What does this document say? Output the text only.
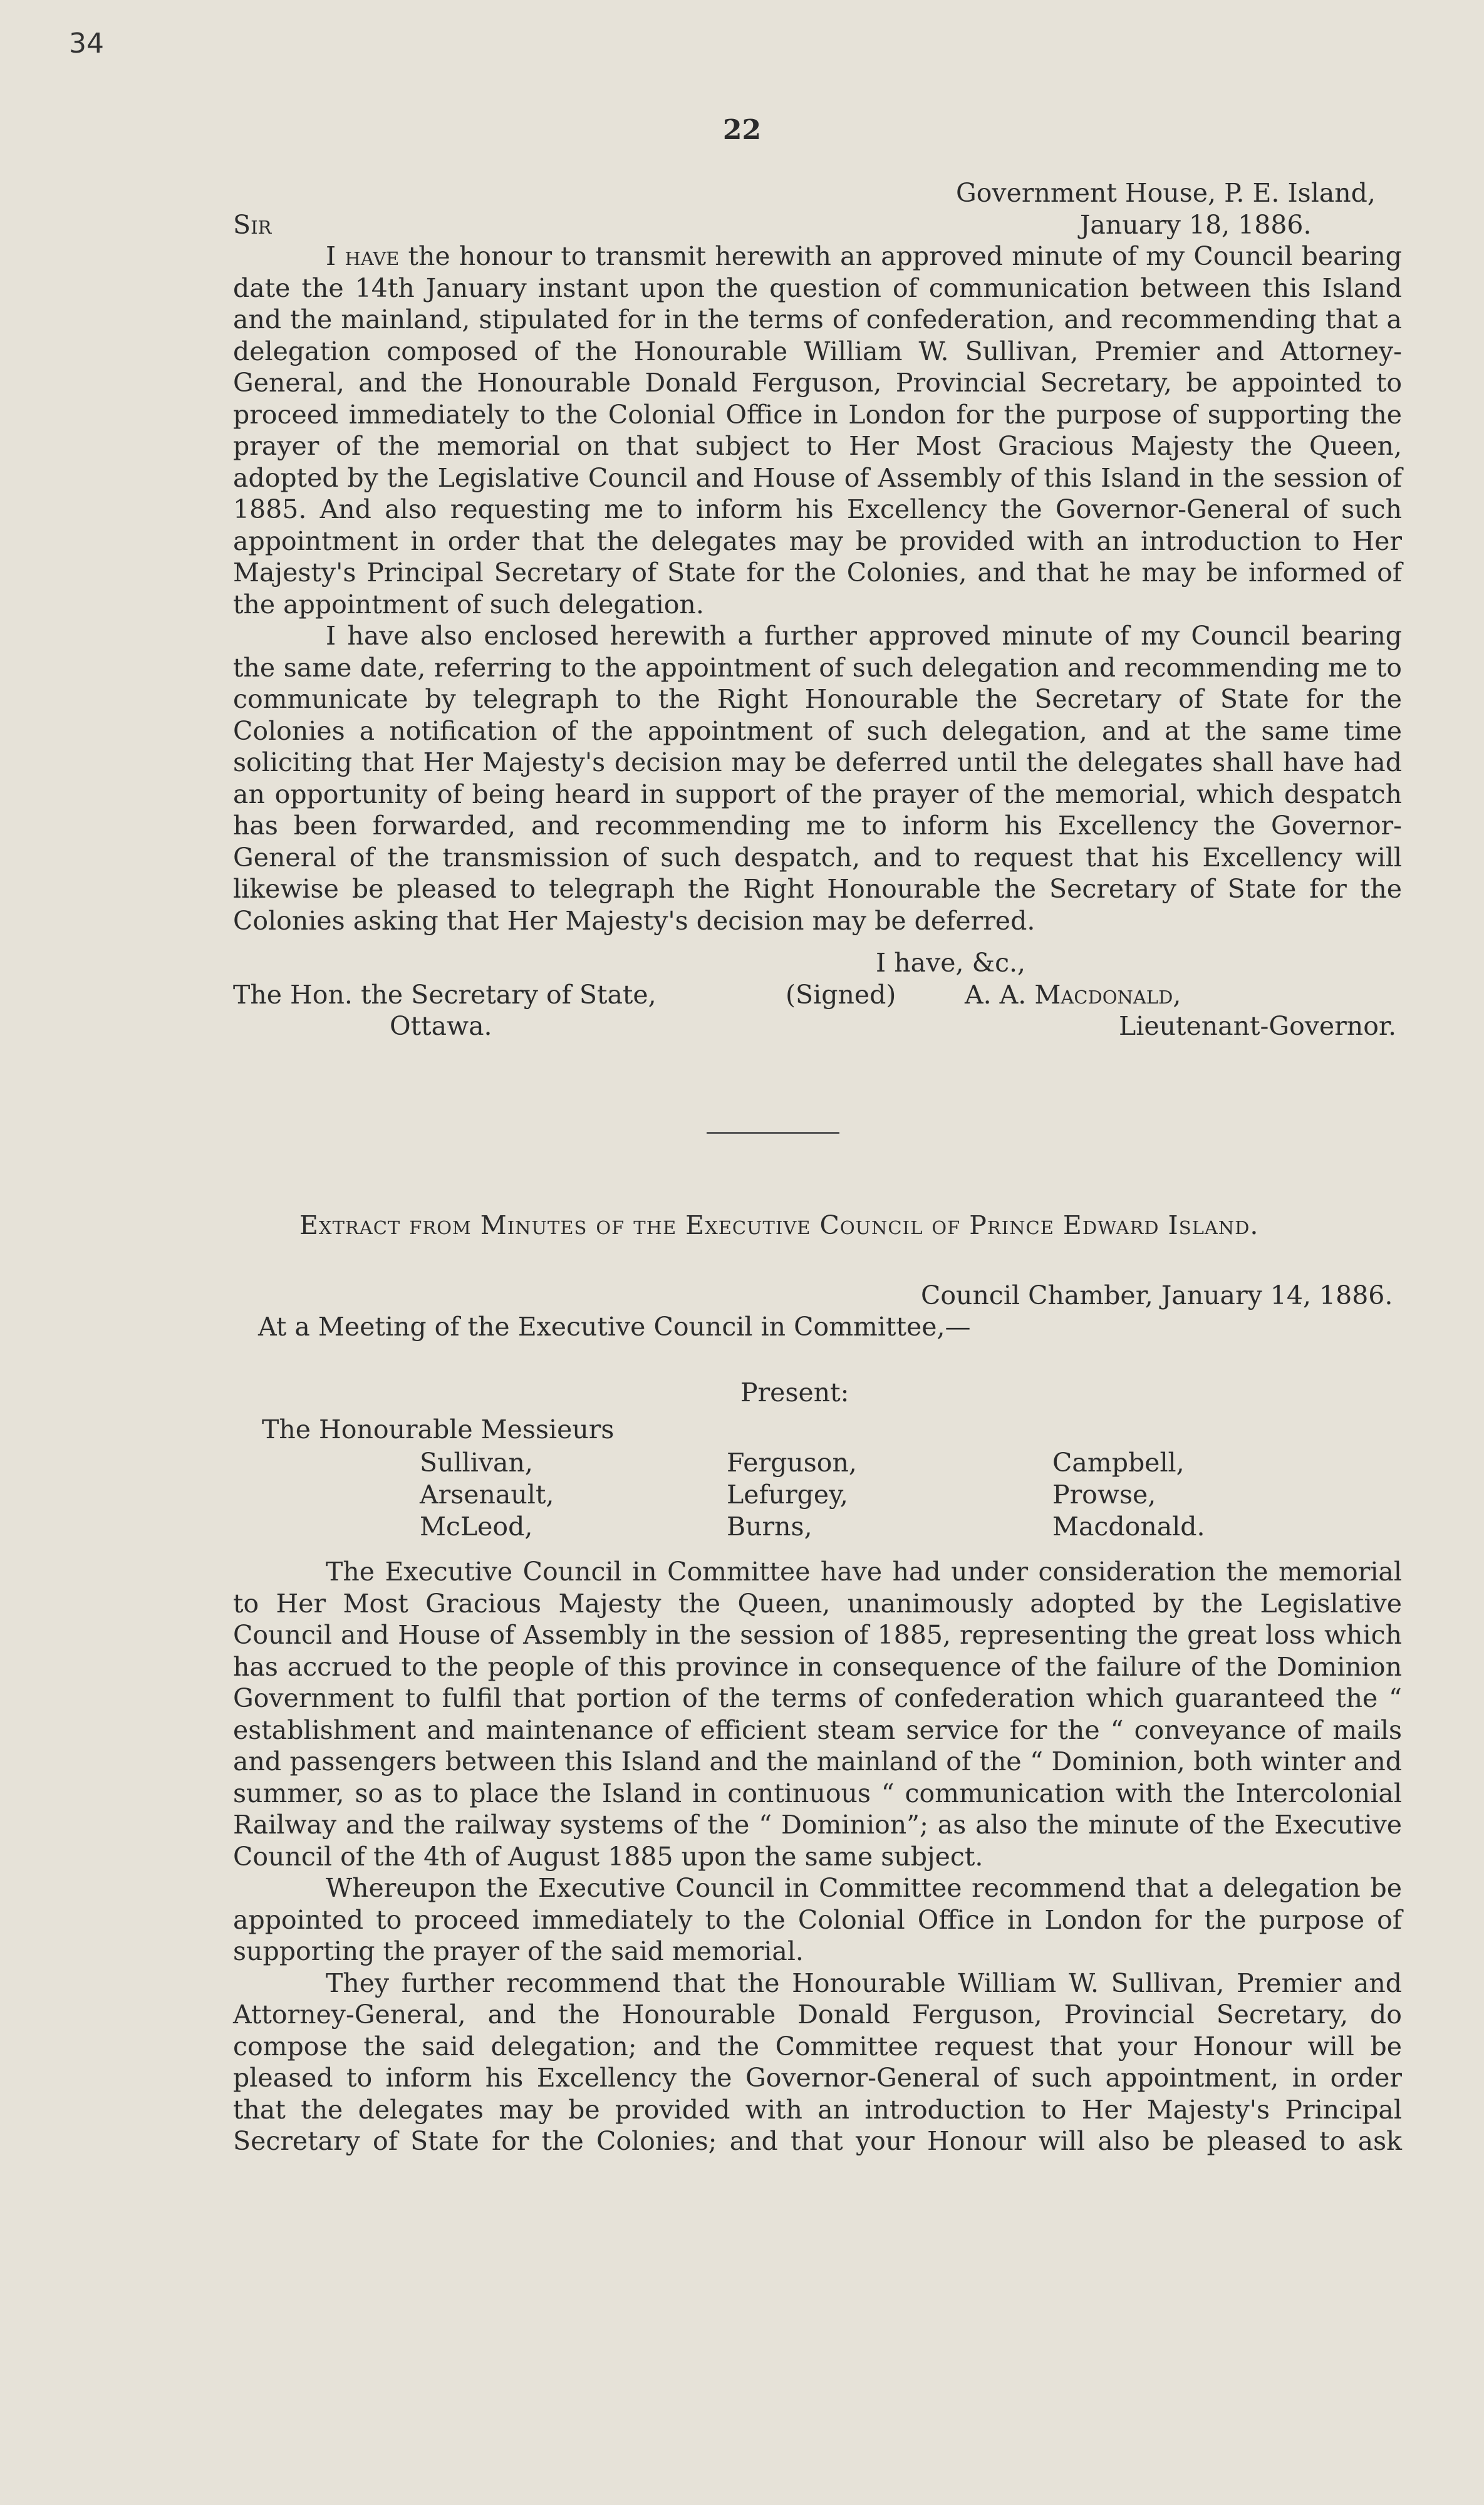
34
22
Government House, P. E. Island,
Sir	January 18, 1886.

I have the honour to transmit herewith an approved minute of my Council bearing date the 14th January instant upon the question of communication between this Island and the mainland, stipulated for in the terms of confederation, and recommending that a delegation composed of the Honourable William W. Sullivan, Premier and Attorney-General, and the Honourable Donald Ferguson, Provincial Secretary, be appointed to proceed immediately to the Colonial Office in London for the purpose of supporting the prayer of the memorial on that subject to Her Most Gracious Majesty the Queen, adopted by the Legislative Council and House of Assembly of this Island in the session of 1885. And also requesting me to inform his Excellency the Governor-General of such appointment in order that the delegates may be provided with an introduction to Her Majesty's Principal Secretary of State for the Colonies, and that he may be informed of the appointment of such delegation.

I have also enclosed herewith a further approved minute of my Council bearing the same date, referring to the appointment of such delegation and recommending me to communicate by telegraph to the Right Honourable the Secretary of State for the Colonies a notification of the appointment of such delegation, and at the same time soliciting that Her Majesty's decision may be deferred until the delegates shall have had an opportunity of being heard in support of the prayer of the memorial, which despatch has been forwarded, and recommending me to inform his Excellency the Governor-General of the transmission of such despatch, and to request that his Excellency will likewise be pleased to telegraph the Right Honourable the Secretary of State for the Colonies asking that Her Majesty's decision may be deferred.

I have, &c.,
The Hon. the Secretary of State,	(Signed)	A. A. Macdonald,
Ottawa.	Lieutenant-Governor.
Extract from Minutes of the Executive Council of Prince Edward Island.
Council Chamber, January 14, 1886.
At a Meeting of the Executive Council in Committee,—
Present:
The Honourable Messieurs
Sullivan,	Ferguson,	Campbell,
Arsenault,	Lefurgey,	Prowse,
McLeod,	Burns,	Macdonald.

The Executive Council in Committee have had under consideration the memorial to Her Most Gracious Majesty the Queen, unanimously adopted by the Legislative Council and House of Assembly in the session of 1885, representing the great loss which has accrued to the people of this province in consequence of the failure of the Dominion Government to fulfil that portion of the terms of confederation which guaranteed the “ establishment and maintenance of efficient steam service for the “ conveyance of mails and passengers between this Island and the mainland of the “ Dominion, both winter and summer, so as to place the Island in continuous “ communication with the Intercolonial Railway and the railway systems of the “ Dominion”; as also the minute of the Executive Council of the 4th of August 1885 upon the same subject.

Whereupon the Executive Council in Committee recommend that a delegation be appointed to proceed immediately to the Colonial Office in London for the purpose of supporting the prayer of the said memorial.

They further recommend that the Honourable William W. Sullivan, Premier and Attorney-General, and the Honourable Donald Ferguson, Provincial Secretary, do compose the said delegation; and the Committee request that your Honour will be pleased to inform his Excellency the Governor-General of such appointment, in order that the delegates may be provided with an introduction to Her Majesty's Principal Secretary of State for the Colonies; and that your Honour will also be pleased to ask
